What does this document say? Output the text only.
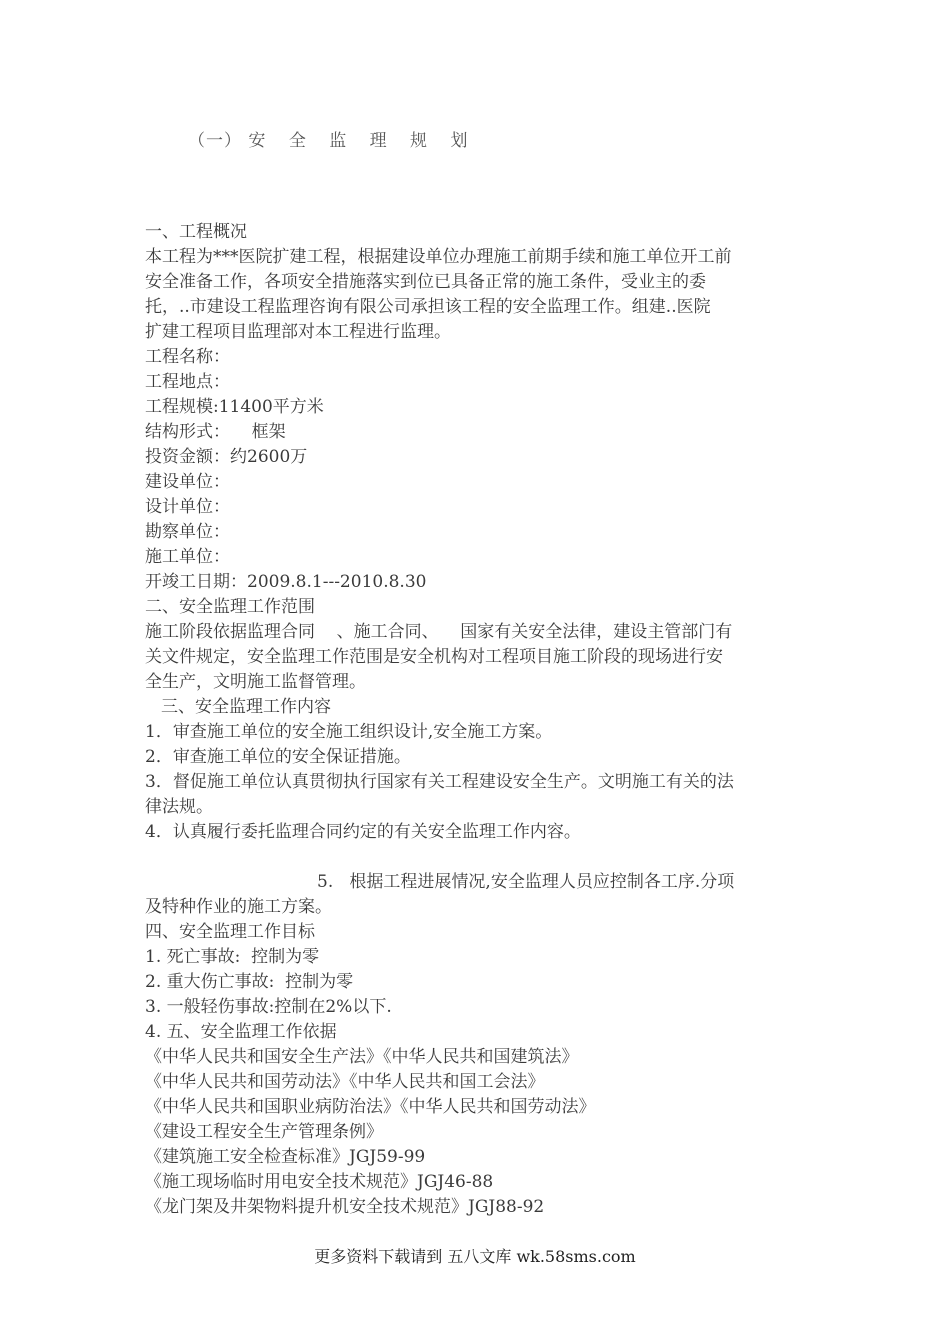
（一） 安 全 监 理 规 划
一、工程概况
本工程为***医院扩建工程，根据建设单位办理施工前期手续和施工单位开工前
安全准备工作，各项安全措施落实到位已具备正常的施工条件，受业主的委
托，..市建设工程监理咨询有限公司承担该工程的安全监理工作。组建..医院
扩建工程项目监理部对本工程进行监理。
工程名称：
工程地点：
工程规模:11400平方米
结构形式：    框架
投资金额：约2600万
建设单位：
设计单位：
勘察单位：
施工单位：
开竣工日期：2009.8.1---2010.8.30
二、安全监理工作范围
施工阶段依据监理合同    、施工合同、    国家有关安全法律，建设主管部门有
关文件规定，安全监理工作范围是安全机构对工程项目施工阶段的现场进行安
全生产，文明施工监督管理。
三、安全监理工作内容
1．审查施工单位的安全施工组织设计,安全施工方案。
2．审查施工单位的安全保证措施。
3．督促施工单位认真贯彻执行国家有关工程建设安全生产。文明施工有关的法
律法规。
4．认真履行委托监理合同约定的有关安全监理工作内容。
5.   根据工程进展情况,安全监理人员应控制各工序.分项
及特种作业的施工方案。
四、安全监理工作目标
1. 死亡事故:  控制为零
2. 重大伤亡事故:  控制为零
3. 一般轻伤事故:控制在2%以下.
4. 五、安全监理工作依据
《中华人民共和国安全生产法》《中华人民共和国建筑法》
《中华人民共和国劳动法》《中华人民共和国工会法》
《中华人民共和国职业病防治法》《中华人民共和国劳动法》
《建设工程安全生产管理条例》
《建筑施工安全检查标准》JGJ59-99
《施工现场临时用电安全技术规范》JGJ46-88
《龙门架及井架物料提升机安全技术规范》JGJ88-92
更多资料下载请到 五八文库 wk.58sms.com
